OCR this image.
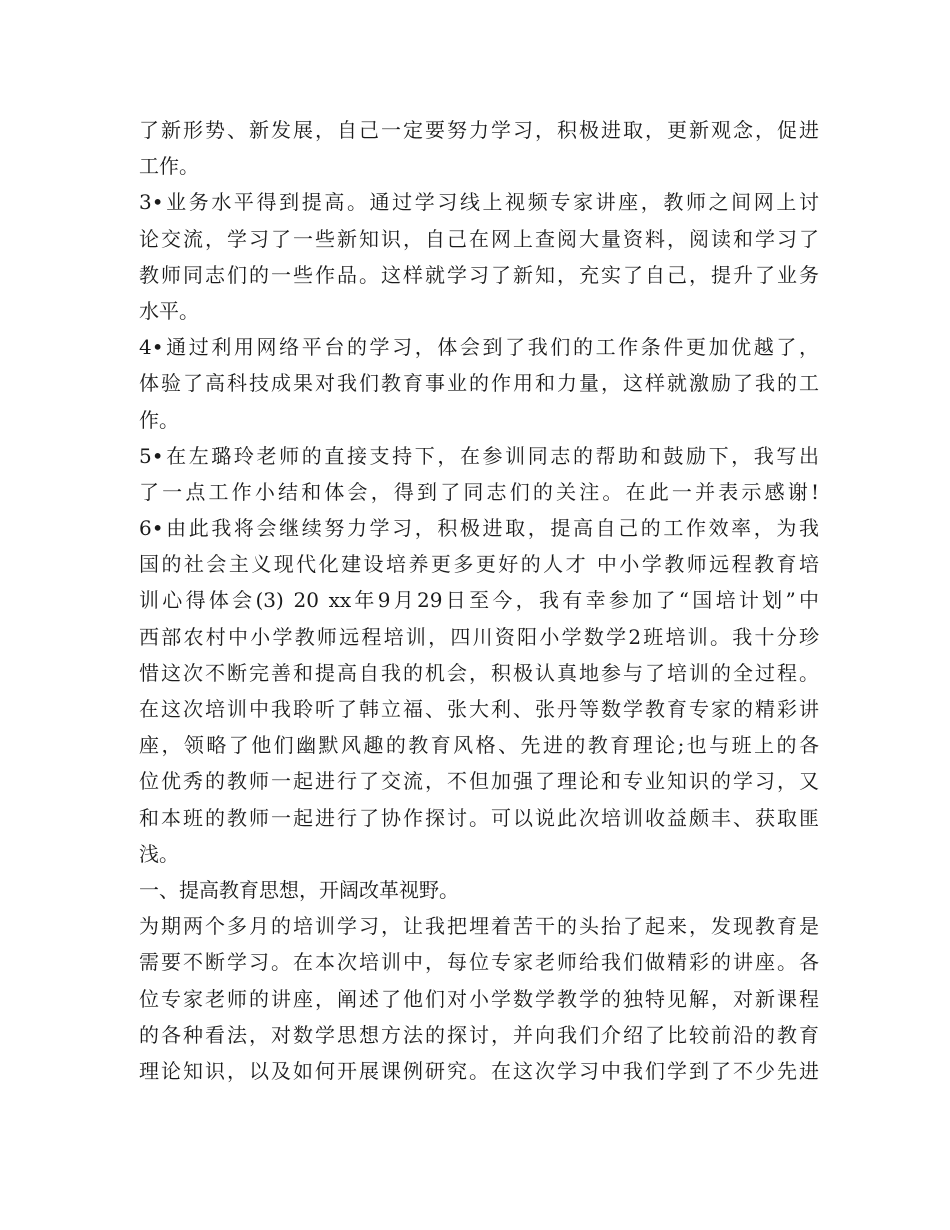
了新形势、新发展，自己一定要努力学习，积极进取，更新观念，促进
工作。
3•业务水平得到提高。通过学习线上视频专家讲座，教师之间网上讨
论交流，学习了一些新知识，自己在网上查阅大量资料，阅读和学习了
教师同志们的一些作品。这样就学习了新知，充实了自己，提升了业务
水平。
4•通过利用网络平台的学习，体会到了我们的工作条件更加优越了，
体验了高科技成果对我们教育事业的作用和力量，这样就激励了我的工
作。
5•在左璐玲老师的直接支持下，在参训同志的帮助和鼓励下，我写出
了一点工作小结和体会，得到了同志们的关注。在此一并表示感谢!
6•由此我将会继续努力学习，积极进取，提高自己的工作效率，为我
国的社会主义现代化建设培养更多更好的人才 中小学教师远程教育培
训心得体会(3) 20 xx年9月29日至今，我有幸参加了“国培计划”中
西部农村中小学教师远程培训，四川资阳小学数学2班培训。我十分珍
惜这次不断完善和提高自我的机会，积极认真地参与了培训的全过程。
在这次培训中我聆听了韩立福、张大利、张丹等数学教育专家的精彩讲
座，领略了他们幽默风趣的教育风格、先进的教育理论;也与班上的各
位优秀的教师一起进行了交流，不但加强了理论和专业知识的学习，又
和本班的教师一起进行了协作探讨。可以说此次培训收益颇丰、获取匪
浅。
一、提高教育思想，开阔改革视野。
为期两个多月的培训学习，让我把埋着苦干的头抬了起来，发现教育是
需要不断学习。在本次培训中，每位专家老师给我们做精彩的讲座。各
位专家老师的讲座，阐述了他们对小学数学教学的独特见解，对新课程
的各种看法，对数学思想方法的探讨，并向我们介绍了比较前沿的教育
理论知识，以及如何开展课例研究。在这次学习中我们学到了不少先进
